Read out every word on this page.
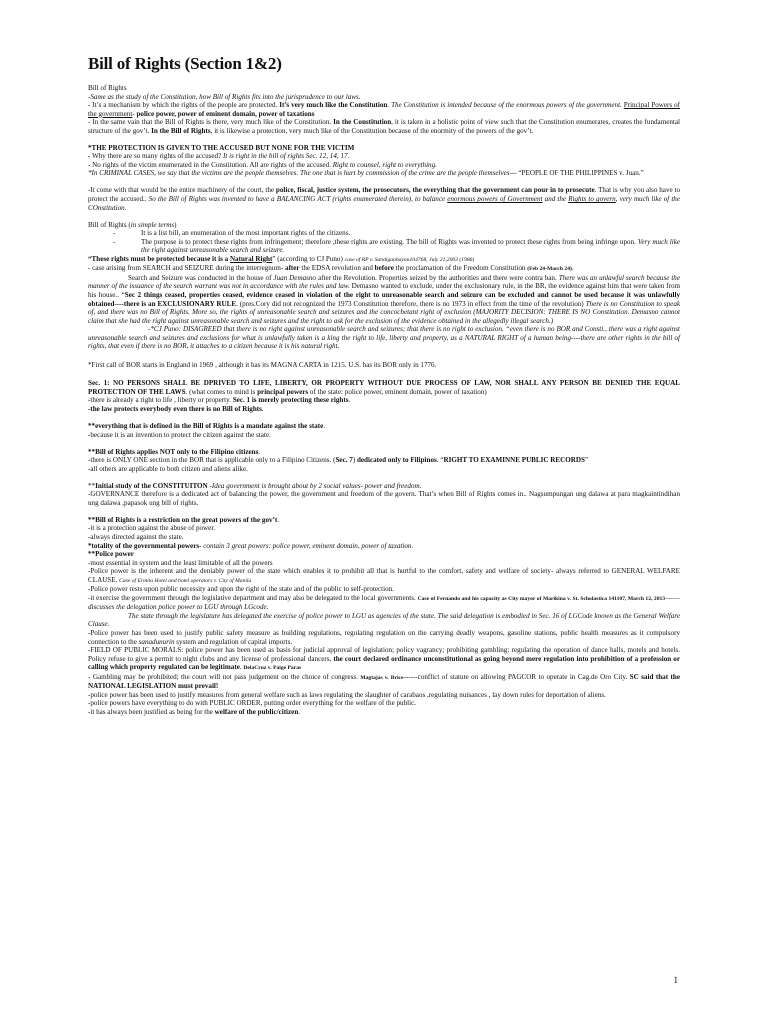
Bill of Rights (Section 1&2)

Bill of Rights

-Same as the study of the Constitution, how Bill of Rights fits into the jurisprudence to our laws.

- It’s a mechanism by which the rights of the people are protected. It’s very much like the Constitution. The Constitution is intended because of the enormous powers of the government. Principal Powers of the government- police power, power of eminent domain, power of taxations

- In the same vain that the Bill of Rights is there, very much like of the Constitution. In the Constitution, it is taken in a holistic point of view such that the Constitution enumerates, creates the fundamental structure of the gov’t. In the Bill of Rights, it is likewise a protection, very much like of the Constitution because of the enormity of the powers of the gov’t.

*THE PROTECTION IS GIVEN TO THE ACCUSED BUT NONE FOR THE VICTIM

- Why there are so many rights of the accused? It is right in the bill of rights Sec. 12, 14, 17.

- No rights of the victim enumerated in the Constitution. All are rights of the accused. Right to counsel, right to everything.

*In CRIMINAL CASES, we say that the victims are the people themselves. The one that is hurt by commission of the crime are the people themselves--- “PEOPLE OF THE PHILIPPINES v. Juan.”

-It come with that would be the entire machinery of the court, the police, fiscal, justice system, the prosecutors, the everything that the government can pour in to prosecute. That is why you also have to protect the accused.. So the Bill of Rights was invented to have a BALANCING ACT (rights enumerated therein), to balance enormous powers of Government and the Rights to govern, very much like of the COnstitution.

Bill of Rights (in simple terms)

-	It is a list bill, an enumeration of the most important rights of the citizens.
-	The purpose is to protect these rights from infringement; therefore ,these rights are existing. The bill of Rights was invented to protect these rights from being infringe upon. Very much like the right against unreasonable search and seizure.

“These rights must be protected because it is a Natural Right” (according to CJ Puno) case of RP v. Sandiganbayan104768, July 21,2003 (1986)

- case arising from SEARCH and SEIZURE during the interregnum- after the EDSA revolution and before the proclamation of the Freedom Constitution (Feb 24-March 24).

Search and Seizure was conducted in the house of Juan Demasno after the Revolution. Properties seized by the authorities and there were contra ban. There was an unlawful search because the manner of the issuance of the search warrant was not in accordance with the rules and law. Demasno wanted to exclude, under the exclusionary rule, in the BR, the evidence against him that were taken from his house.. “Sec 2 things ceased, properties ceased, evidence ceased in violation of the right to unreasonable search and seizure can be excluded and cannot be used because it was unlawfully obtained----there is an EXCLUSIONARY RULE. (pres.Cory did not recognized the 1973 Constitution therefore, there is no 1973 in effect from the time of the revolution) There is no Constitution to speak of, and there was no Bill of Rights. More so, the rights of unreasonable search and seizures and the concocbetant right of exclusion (MAJORITY DECISION: THERE IS NO Constitution. Demasno cannot claim that she had the right against unreasonable search and seizures and the right to ask for the exclusion of the evidence obtained in the allegedly illegal search.)

-*CJ Puno: DISAGREED that there is no right against unreasonable search and seizures; that there is no right to exclusion. “even there is no BOR and Consti., there was a right against unreasonable search and seizures and exclusions for what is unlawfully taken is a king the right to life, liberty and property, as a NATURAL RIGHT of a human being----there are other rights in the bill of rights, that even if there is no BOR, it attaches to a citizen because it is his natural right.

*First call of BOR starts in England in 1969 , although it has its MAGNA CARTA in 1215. U.S. has its BOR only in 1776.

Sec. 1: NO PERSONS SHALL BE DPRIVED TO LIFE, LIBERTY, OR PROPERTY WITHOUT DUE PROCESS OF LAW, NOR SHALL ANY PERSON BE DENIED THE EQUAL PROTECTION OF THE LAWS. (what comes to mind is principal powers of the state: police power, eminent domain, power of taxation)

-there is already a right to life , liberty or property. Sec. 1 is merely protecting these rights.

-the law protects everybody even there is no Bill of Rights.

**everything that is defined in the Bill of Rights is a mandate against the state.

-because it is an invention to protect the citizen against the state.

**Bill of Rights applies NOT only to the Filipino citizens.

-there is ONLY ONE section in the BOR that is applicable only to a Filipino Citizens. (Sec. 7) dedicated only to Filipinos. “RIGHT TO EXAMINNE PUBLIC RECORDS”

-all others are applicable to both citizen and aliens alike.

**Initial study of the CONSTITUITON -Idea government is brought about by 2 social values- power and freedom.

-GOVERNANCE therefore is a dedicated act of balancing the power, the government and freedom of the govern. That’s when Bill of Rights comes in.. Nagsumpungan ung dalawa at para magkaintindihan ung dalawa ,papasok ung bill of rights.

**Bill of Rights is a restriction on the great powers of the gov’t.

-it is a protection against the abuse of power.

-always directed against the state.

*totality of the governmental powers- contain 3 great powers: police power, eminent domain, power of taxation.

**Police power

-most essential in system and the least limitable of all the powers

-Police power is the inherent and the deniably power of the state which enables it to prohibit all that is hurtful to the comfort, safety and welfare of society- always referred to GENERAL WELFARE CLAUSE. Case of Ermita Hotel and hotel operators v. City of Manila

-Police power rests upon public necessity and upon the right of the state and of the public to self-protection.

-it exercise the government through the legislative department and may also be delegated to the local governments. Case of Fernando and his capacity as City mayor of Marikina v. St. Scholastica 141107, March 12, 2013--------discusses the delegation police power to LGU through LGcode.

The state through the legislature has delegated the exercise of police power to LGU as agencies of the state. The said delegation is embodied in Sec. 16 of LGCode known as the General Welfare Clause.

-Police power has been used to justify public safety measure as building regulations, regulating regulation on the carrying deadly weapons, gasoline stations, public health measures as it compulsory connection to the sanadunurin system and regulation of capital imports.

-FIELD OF PUBLIC MORALS: police power has been used as basis for judicial approval of legislation; policy vagrancy; prohibiting gambling; regulating the operation of dance halls, motels and hotels. Policy refuse to give a permit to night clubs and any license of professional dancers, the court declared ordinance unconstitutional as going beyond mere regulation into prohibition of a profession or calling which property regulated can be legitimate. DelaCruz v. Paige Paras

- Gambling may be prohibited; the court will not pass judgement on the choice of congress. Magtajas v. Brice------conflict of statute on allowing PAGCOR to operate in Cag.de Oro City. SC said that the NATIONAL LEGISLATION must prevail!

-police power has been used to justify measures from general welfare such as laws regulating the slaughter of carabaos ,regulating nuisances , lay down rules for deportation of aliens.

-police powers have everything to do with PUBLIC ORDER, putting order everything for the welfare of the public.

-it has always been justified as being for the welfare of the public/citizen.

1
